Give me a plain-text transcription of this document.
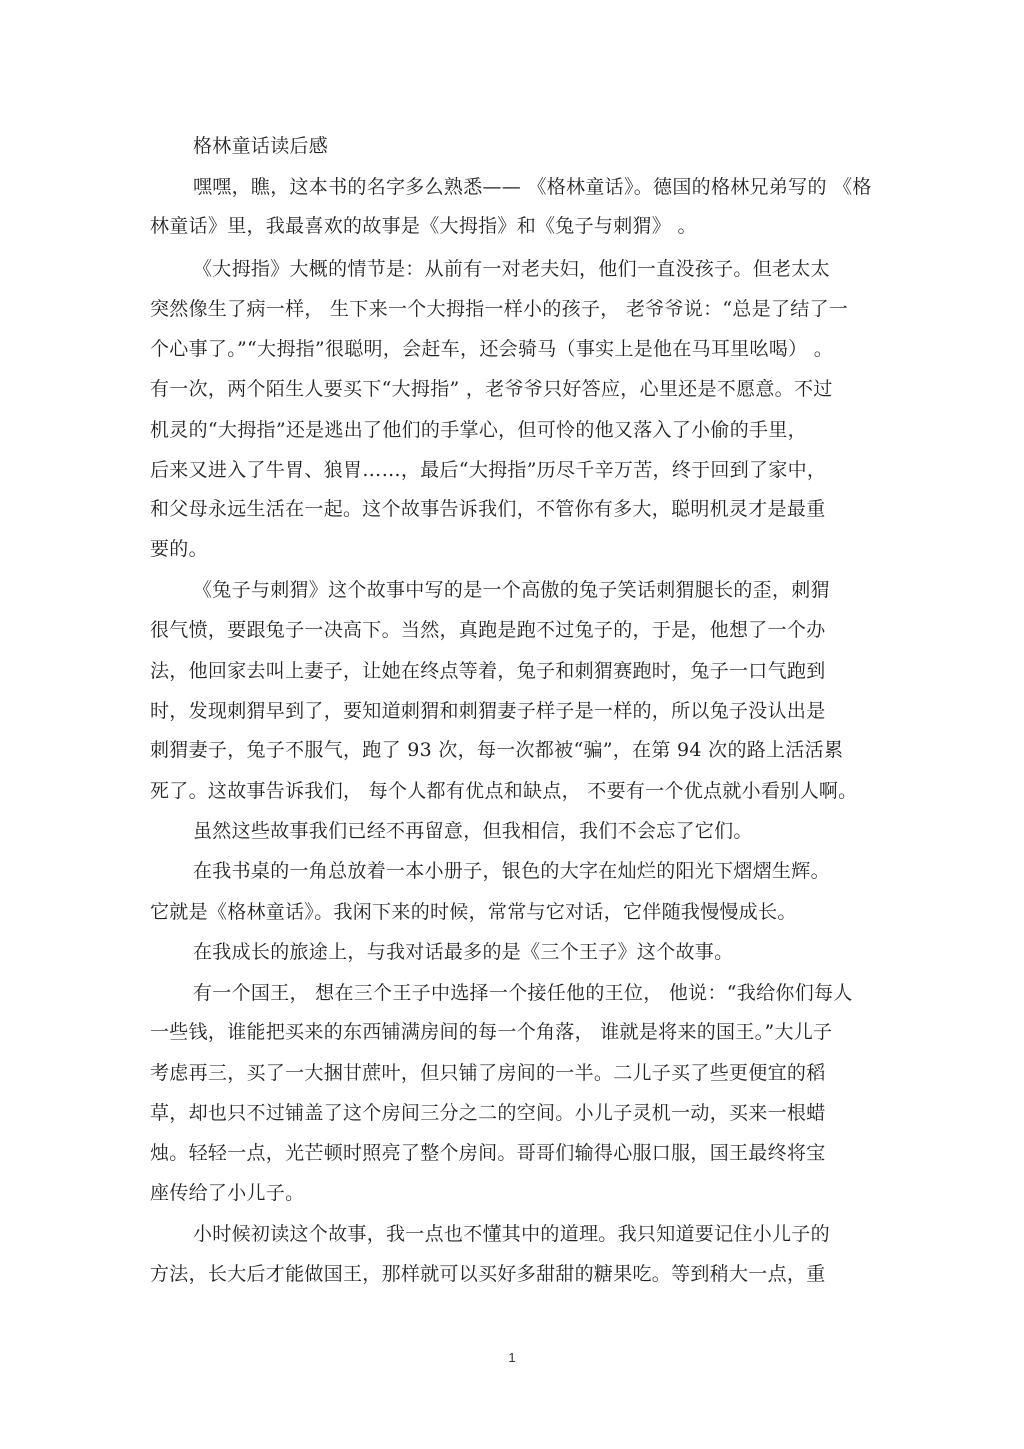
格林童话读后感
嘿嘿，瞧，这本书的名字多么熟悉—— 《格林童话》。德国的格林兄弟写的 《格
林童话》里，我最喜欢的故事是《大拇指》和《兔子与刺猬》 。
《大拇指》大概的情节是：从前有一对老夫妇，他们一直没孩子。但老太太
突然像生了病一样， 生下来一个大拇指一样小的孩子， 老爷爷说：“总是了结了一
个心事了。”“大拇指”很聪明，会赶车，还会骑马（事实上是他在马耳里吆喝） 。
有一次，两个陌生人要买下“大拇指” ，老爷爷只好答应，心里还是不愿意。不过
机灵的“大拇指”还是逃出了他们的手掌心，但可怜的他又落入了小偷的手里，
后来又进入了牛胃、狼胃……，最后“大拇指”历尽千辛万苦，终于回到了家中，
和父母永远生活在一起。这个故事告诉我们，不管你有多大，聪明机灵才是最重
要的。
《兔子与刺猬》这个故事中写的是一个高傲的兔子笑话刺猬腿长的歪，刺猬
很气愤，要跟兔子一决高下。当然，真跑是跑不过兔子的，于是，他想了一个办
法，他回家去叫上妻子，让她在终点等着，兔子和刺猬赛跑时，兔子一口气跑到
时，发现刺猬早到了，要知道刺猬和刺猬妻子样子是一样的，所以兔子没认出是
刺猬妻子，兔子不服气，跑了 93 次，每一次都被“骗”，在第 94 次的路上活活累
死了。这故事告诉我们， 每个人都有优点和缺点， 不要有一个优点就小看别人啊。
虽然这些故事我们已经不再留意，但我相信，我们不会忘了它们。
在我书桌的一角总放着一本小册子，银色的大字在灿烂的阳光下熠熠生辉。
它就是《格林童话》。我闲下来的时候，常常与它对话，它伴随我慢慢成长。
在我成长的旅途上，与我对话最多的是《三个王子》这个故事。
有一个国王， 想在三个王子中选择一个接任他的王位， 他说：“我给你们每人
一些钱，谁能把买来的东西铺满房间的每一个角落， 谁就是将来的国王。”大儿子
考虑再三，买了一大捆甘蔗叶，但只铺了房间的一半。二儿子买了些更便宜的稻
草，却也只不过铺盖了这个房间三分之二的空间。小儿子灵机一动，买来一根蜡
烛。轻轻一点，光芒顿时照亮了整个房间。哥哥们输得心服口服，国王最终将宝
座传给了小儿子。
小时候初读这个故事，我一点也不懂其中的道理。我只知道要记住小儿子的
方法，长大后才能做国王，那样就可以买好多甜甜的糖果吃。等到稍大一点，重
1
